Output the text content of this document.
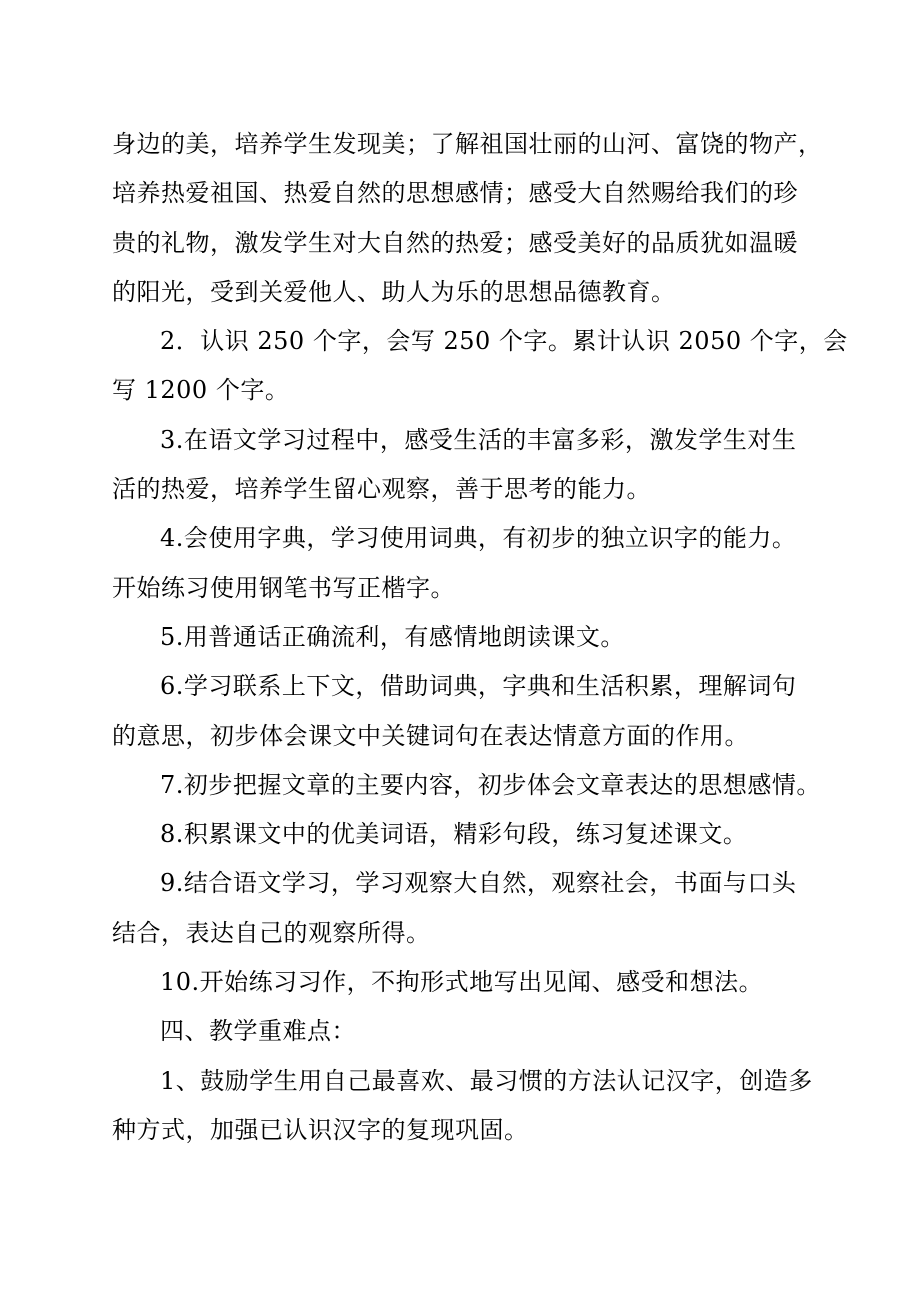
身边的美，培养学生发现美；了解祖国壮丽的山河、富饶的物产，
培养热爱祖国、热爱自然的思想感情；感受大自然赐给我们的珍
贵的礼物，激发学生对大自然的热爱；感受美好的品质犹如温暖
的阳光，受到关爱他人、助人为乐的思想品德教育。

2．认识 250 个字，会写 250 个字。累计认识 2050 个字，会
写 1200 个字。

3.在语文学习过程中，感受生活的丰富多彩，激发学生对生
活的热爱，培养学生留心观察，善于思考的能力。

4.会使用字典，学习使用词典，有初步的独立识字的能力。
开始练习使用钢笔书写正楷字。

5.用普通话正确流利，有感情地朗读课文。

6.学习联系上下文，借助词典，字典和生活积累，理解词句
的意思，初步体会课文中关键词句在表达情意方面的作用。

7.初步把握文章的主要内容，初步体会文章表达的思想感情。

8.积累课文中的优美词语，精彩句段，练习复述课文。

9.结合语文学习，学习观察大自然，观察社会，书面与口头
结合，表达自己的观察所得。

10.开始练习习作，不拘形式地写出见闻、感受和想法。

四、教学重难点：

1、鼓励学生用自己最喜欢、最习惯的方法认记汉字，创造多
种方式，加强已认识汉字的复现巩固。
